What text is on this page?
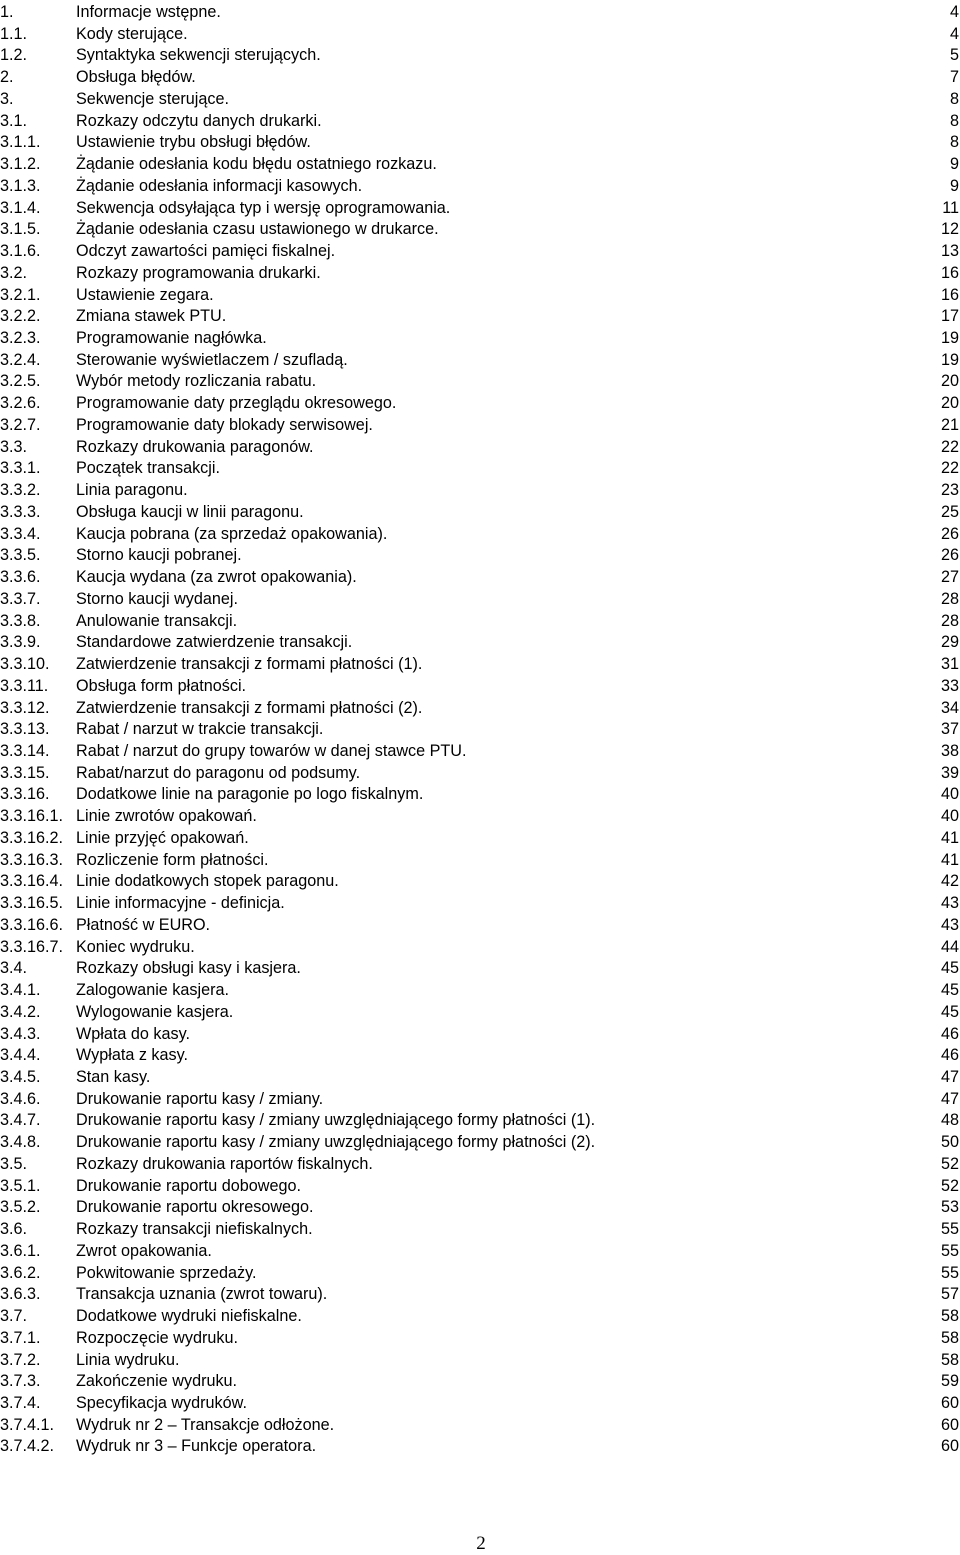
1.	Informacje wstępne.	4
1.1.	Kody sterujące.	4
1.2.	Syntaktyka sekwencji sterujących.	5
2.	Obsługa błędów.	7
3.	Sekwencje sterujące.	8
3.1.	Rozkazy odczytu danych drukarki.	8
3.1.1.	Ustawienie trybu obsługi błędów.	8
3.1.2.	Żądanie odesłania kodu błędu ostatniego rozkazu.	9
3.1.3.	Żądanie odesłania informacji kasowych.	9
3.1.4.	Sekwencja odsyłająca typ i wersję oprogramowania.	11
3.1.5.	Żądanie odesłania czasu ustawionego w drukarce.	12
3.1.6.	Odczyt zawartości pamięci fiskalnej.	13
3.2.	Rozkazy programowania drukarki.	16
3.2.1.	Ustawienie zegara.	16
3.2.2.	Zmiana stawek PTU.	17
3.2.3.	Programowanie nagłówka.	19
3.2.4.	Sterowanie wyświetlaczem / szufladą.	19
3.2.5.	Wybór metody rozliczania rabatu.	20
3.2.6.	Programowanie daty przeglądu okresowego.	20
3.2.7.	Programowanie daty blokady serwisowej.	21
3.3.	Rozkazy drukowania paragonów.	22
3.3.1.	Początek transakcji.	22
3.3.2.	Linia paragonu.	23
3.3.3.	Obsługa kaucji w linii paragonu.	25
3.3.4.	Kaucja pobrana (za sprzedaż opakowania).	26
3.3.5.	Storno kaucji pobranej.	26
3.3.6.	Kaucja wydana (za zwrot opakowania).	27
3.3.7.	Storno kaucji wydanej.	28
3.3.8.	Anulowanie transakcji.	28
3.3.9.	Standardowe zatwierdzenie transakcji.	29
3.3.10.	Zatwierdzenie transakcji z formami płatności (1).	31
3.3.11.	Obsługa form płatności.	33
3.3.12.	Zatwierdzenie transakcji z formami płatności (2).	34
3.3.13.	Rabat / narzut w trakcie transakcji.	37
3.3.14.	Rabat / narzut do grupy towarów w danej stawce PTU.	38
3.3.15.	Rabat/narzut do paragonu od podsumy.	39
3.3.16.	Dodatkowe linie na paragonie po logo fiskalnym.	40
3.3.16.1. Linie zwrotów opakowań.	40
3.3.16.2. Linie przyjęć opakowań.	41
3.3.16.3. Rozliczenie form płatności.	41
3.3.16.4. Linie dodatkowych stopek paragonu.	42
3.3.16.5. Linie informacyjne - definicja.	43
3.3.16.6. Płatność w EURO.	43
3.3.16.7. Koniec wydruku.	44
3.4.	Rozkazy obsługi kasy i kasjera.	45
3.4.1.	Zalogowanie kasjera.	45
3.4.2.	Wylogowanie kasjera.	45
3.4.3.	Wpłata do kasy.	46
3.4.4.	Wypłata z kasy.	46
3.4.5.	Stan kasy.	47
3.4.6.	Drukowanie raportu kasy / zmiany.	47
3.4.7.	Drukowanie raportu kasy / zmiany uwzględniającego formy płatności (1).	48
3.4.8.	Drukowanie raportu kasy / zmiany uwzględniającego formy płatności (2).	50
3.5.	Rozkazy drukowania raportów fiskalnych.	52
3.5.1.	Drukowanie raportu dobowego.	52
3.5.2.	Drukowanie raportu okresowego.	53
3.6.	Rozkazy transakcji niefiskalnych.	55
3.6.1.	Zwrot opakowania.	55
3.6.2.	Pokwitowanie sprzedaży.	55
3.6.3.	Transakcja uznania (zwrot towaru).	57
3.7.	Dodatkowe wydruki niefiskalne.	58
3.7.1.	Rozpoczęcie wydruku.	58
3.7.2.	Linia wydruku.	58
3.7.3.	Zakończenie wydruku.	59
3.7.4.	Specyfikacja wydruków.	60
3.7.4.1.	Wydruk nr 2 – Transakcje odłożone.	60
3.7.4.2.	Wydruk nr 3 – Funkcje operatora.	60
2
